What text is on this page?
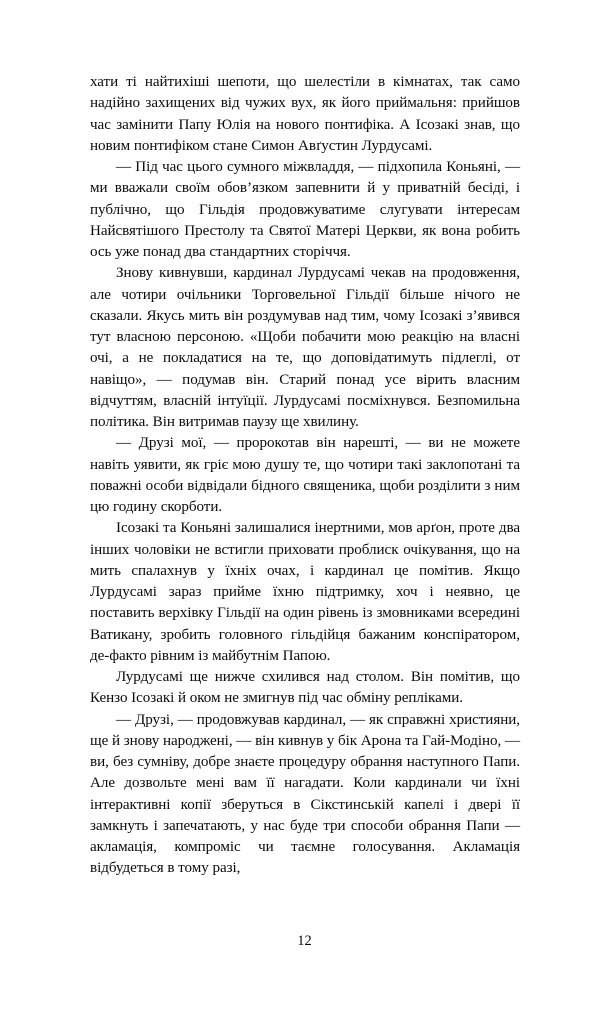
хати ті найтихіші шепоти, що шелестіли в кімнатах, так само надійно захищених від чужих вух, як його приймальня: прийшов час замінити Папу Юлія на нового понтифіка. А Ісозакі знав, що новим понтифіком стане Симон Авґустин Лурдусамі.

— Під час цього сумного міжвладдя, — підхопила Коньяні, — ми вважали своїм обов’язком запевнити й у приватній бесіді, і публічно, що Гільдія продовжуватиме слугувати інтересам Найсвятішого Престолу та Святої Матері Церкви, як вона робить ось уже понад два стандартних сторіччя.

Знову кивнувши, кардинал Лурдусамі чекав на продовження, але чотири очільники Торговельної Гільдії більше нічого не сказали. Якусь мить він роздумував над тим, чому Ісозакі з’явився тут власною персоною. «Щоби побачити мою реакцію на власні очі, а не покладатися на те, що доповідатимуть підлеглі, от навіщо», — подумав він. Старий понад усе вірить власним відчуттям, власній інтуїції. Лурдусамі посміхнувся. Безпомильна політика. Він витримав паузу ще хвилину.

— Друзі мої, — пророкотав він нарешті, — ви не можете навіть уявити, як гріє мою душу те, що чотири такі заклопотані та поважні особи відвідали бідного священика, щоби розділити з ним цю годину скорботи.

Ісозакі та Коньяні залишалися інертними, мов арґон, проте два інших чоловіки не встигли приховати проблиск очікування, що на мить спалахнув у їхніх очах, і кардинал це помітив. Якщо Лурдусамі зараз прийме їхню підтримку, хоч і неявно, це поставить верхівку Гільдії на один рівень із змовниками всередині Ватикану, зробить головного гільдійця бажаним конспіратором, де-факто рівним із майбутнім Папою.

Лурдусамі ще нижче схилився над столом. Він помітив, що Кензо Ісозакі й оком не змигнув під час обміну репліками.

— Друзі, — продовжував кардинал, — як справжні християни, ще й знову народжені, — він кивнув у бік Арона та Гай-Модіно, — ви, без сумніву, добре знаєте процедуру обрання наступного Папи. Але дозвольте мені вам її нагадати. Коли кардинали чи їхні інтерактивні копії зберуться в Сікстинській капелі і двері її замкнуть і запечатають, у нас буде три способи обрання Папи — акламація, компроміс чи таємне голосування. Акламація відбудеться в тому разі,

12
